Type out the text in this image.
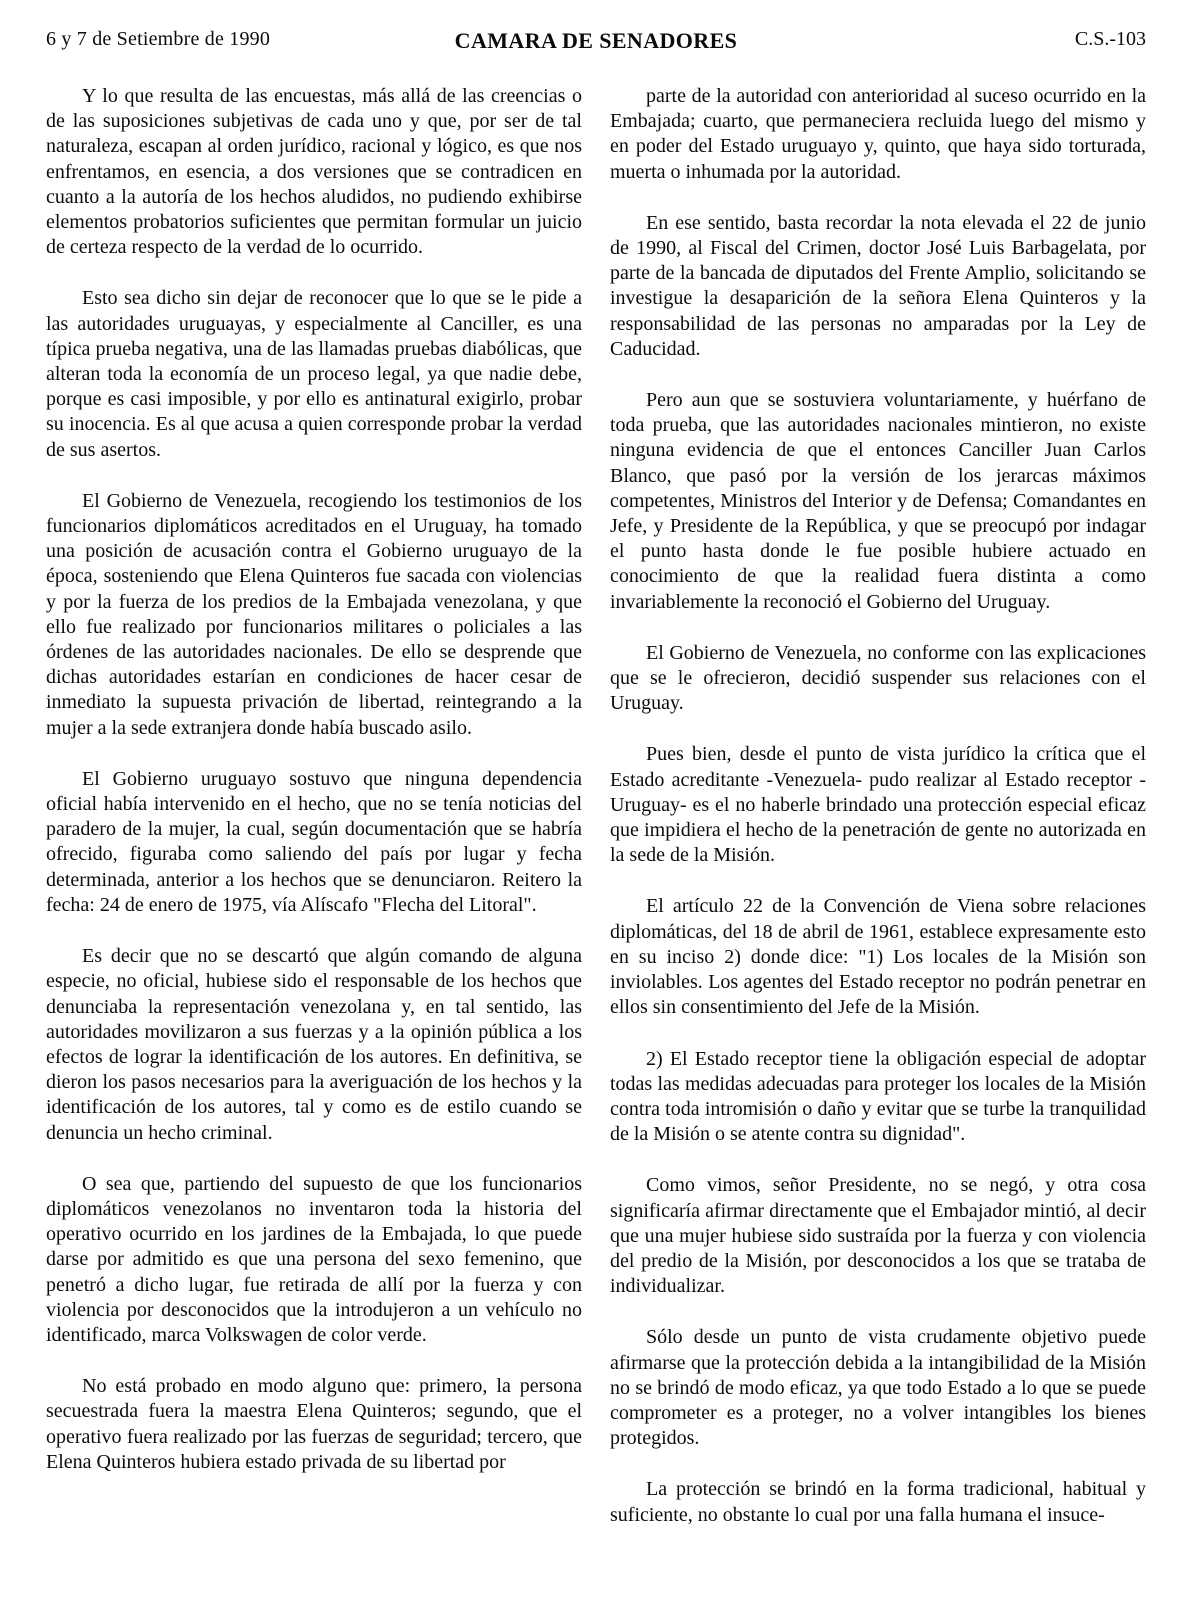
6 y 7 de Setiembre de 1990	CAMARA DE SENADORES	C.S.-103

Y lo que resulta de las encuestas, más allá de las creencias o de las suposiciones subjetivas de cada uno y que, por ser de tal naturaleza, escapan al orden jurídico, racional y lógico, es que nos enfrentamos, en esencia, a dos versiones que se contradicen en cuanto a la autoría de los hechos aludidos, no pudiendo exhibirse elementos probatorios suficientes que permitan formular un juicio de certeza respecto de la verdad de lo ocurrido.

Esto sea dicho sin dejar de reconocer que lo que se le pide a las autoridades uruguayas, y especialmente al Canciller, es una típica prueba negativa, una de las llamadas pruebas diabólicas, que alteran toda la economía de un proceso legal, ya que nadie debe, porque es casi imposible, y por ello es antinatural exigirlo, probar su inocencia. Es al que acusa a quien corresponde probar la verdad de sus asertos.

El Gobierno de Venezuela, recogiendo los testimonios de los funcionarios diplomáticos acreditados en el Uruguay, ha tomado una posición de acusación contra el Gobierno uruguayo de la época, sosteniendo que Elena Quinteros fue sacada con violencias y por la fuerza de los predios de la Embajada venezolana, y que ello fue realizado por funcionarios militares o policiales a las órdenes de las autoridades nacionales. De ello se desprende que dichas autoridades estarían en condiciones de hacer cesar de inmediato la supuesta privación de libertad, reintegrando a la mujer a la sede extranjera donde había buscado asilo.

El Gobierno uruguayo sostuvo que ninguna dependencia oficial había intervenido en el hecho, que no se tenía noticias del paradero de la mujer, la cual, según documentación que se habría ofrecido, figuraba como saliendo del país por lugar y fecha determinada, anterior a los hechos que se denunciaron. Reitero la fecha: 24 de enero de 1975, vía Alíscafo "Flecha del Litoral".

Es decir que no se descartó que algún comando de alguna especie, no oficial, hubiese sido el responsable de los hechos que denunciaba la representación venezolana y, en tal sentido, las autoridades movilizaron a sus fuerzas y a la opinión pública a los efectos de lograr la identificación de los autores. En definitiva, se dieron los pasos necesarios para la averiguación de los hechos y la identificación de los autores, tal y como es de estilo cuando se denuncia un hecho criminal.

O sea que, partiendo del supuesto de que los funcionarios diplomáticos venezolanos no inventaron toda la historia del operativo ocurrido en los jardines de la Embajada, lo que puede darse por admitido es que una persona del sexo femenino, que penetró a dicho lugar, fue retirada de allí por la fuerza y con violencia por desconocidos que la introdujeron a un vehículo no identificado, marca Volkswagen de color verde.

No está probado en modo alguno que: primero, la persona secuestrada fuera la maestra Elena Quinteros; segundo, que el operativo fuera realizado por las fuerzas de seguridad; tercero, que Elena Quinteros hubiera estado privada de su libertad por

parte de la autoridad con anterioridad al suceso ocurrido en la Embajada; cuarto, que permaneciera recluida luego del mismo y en poder del Estado uruguayo y, quinto, que haya sido torturada, muerta o inhumada por la autoridad.

En ese sentido, basta recordar la nota elevada el 22 de junio de 1990, al Fiscal del Crimen, doctor José Luis Barbagelata, por parte de la bancada de diputados del Frente Amplio, solicitando se investigue la desaparición de la señora Elena Quinteros y la responsabilidad de las personas no amparadas por la Ley de Caducidad.

Pero aun que se sostuviera voluntariamente, y huérfano de toda prueba, que las autoridades nacionales mintieron, no existe ninguna evidencia de que el entonces Canciller Juan Carlos Blanco, que pasó por la versión de los jerarcas máximos competentes, Ministros del Interior y de Defensa; Comandantes en Jefe, y Presidente de la República, y que se preocupó por indagar el punto hasta donde le fue posible hubiere actuado en conocimiento de que la realidad fuera distinta a como invariablemente la reconoció el Gobierno del Uruguay.

El Gobierno de Venezuela, no conforme con las explicaciones que se le ofrecieron, decidió suspender sus relaciones con el Uruguay.

Pues bien, desde el punto de vista jurídico la crítica que el Estado acreditante -Venezuela- pudo realizar al Estado receptor -Uruguay- es el no haberle brindado una protección especial eficaz que impidiera el hecho de la penetración de gente no autorizada en la sede de la Misión.

El artículo 22 de la Convención de Viena sobre relaciones diplomáticas, del 18 de abril de 1961, establece expresamente esto en su inciso 2) donde dice: "1) Los locales de la Misión son inviolables. Los agentes del Estado receptor no podrán penetrar en ellos sin consentimiento del Jefe de la Misión.

2) El Estado receptor tiene la obligación especial de adoptar todas las medidas adecuadas para proteger los locales de la Misión contra toda intromisión o daño y evitar que se turbe la tranquilidad de la Misión o se atente contra su dignidad".

Como vimos, señor Presidente, no se negó, y otra cosa significaría afirmar directamente que el Embajador mintió, al decir que una mujer hubiese sido sustraída por la fuerza y con violencia del predio de la Misión, por desconocidos a los que se trataba de individualizar.

Sólo desde un punto de vista crudamente objetivo puede afirmarse que la protección debida a la intangibilidad de la Misión no se brindó de modo eficaz, ya que todo Estado a lo que se puede comprometer es a proteger, no a volver intangibles los bienes protegidos.

La protección se brindó en la forma tradicional, habitual y suficiente, no obstante lo cual por una falla humana el insuce-
